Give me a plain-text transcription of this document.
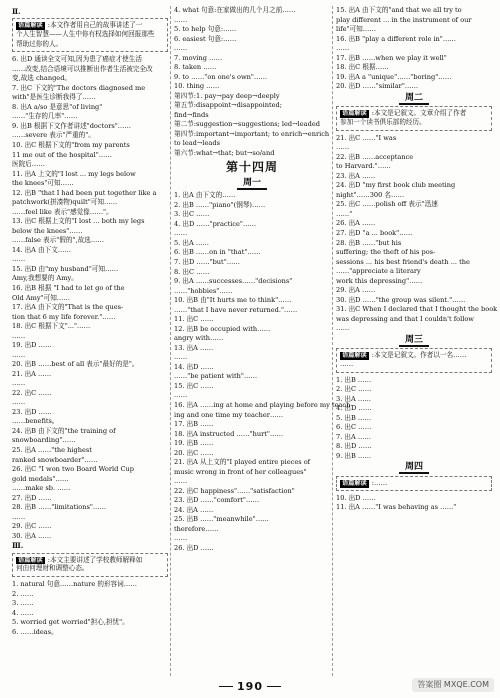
Ⅱ.
语篇解读 :本文作者用自己的故事讲述了一
个人生智慧——人生中你有权选择如何回报那些
帮助过你的人。
6. 出D 通读全文可知,因为患了癌症才使生活
……改变,结合语境可以推断出作者生活被完全改
变,故选 changed。
7. 出C 下文的"The doctors diagnosed me
with"是医生诊断我得了……
8. 出A a/so 是意思"of living"
……"生存的几率"……
9. 出B 根据下文作者讲述"doctors"……
……severe 表示"严重的"。
10. 出C 根据下文的"from my parents
11 me out of the hospital"……
医院后……
11. 出A 上文的"I lost ... my legs below
the knees"可知……
12. 出B "that I had been put together like a
patchwork(拼凑物)quilt"可知……
……feel like 表示"感觉像……"。
13. 出C 根据上文的"I lost ... both my legs
below the knees"……
……false 表示"假的",故选……
14. 出A 由下文……
……
15. 出D 由"my husband"可知……
Amy,我想要的 Amy。
16. 出B 根据 "I had to let go of the
Old Amy"可知……
17. 出A 由下文的"That is the ques-
tion that 6 my life forever."……
18. 出C 根据下文"..."……
……
19. 出D ……
……
20. 出B ……best of all 表示"最好的是"。
21. 出A ……
……
22. 出C ……
……
23. 出D ……
……benefits。
24. 出B 由下文的"the training of
snowboarding"……
25. 出A ……"the highest
ranked snowboarder"……
26. 出C "I won two Board World Cup
gold medals"……
……make sb. ……
27. 出D ……
28. 出B ……"limitations"……
……
29. 出C ……
30. 出A ……
Ⅲ.
语篇解读 :本文主要讲述了学校教师解释如
何由何理财和调整心态。
1. natural 句意……nature 的形容词……
2. ……
3. ……
4. ……
5. worried get worried"担心,担忧"。
6. ……ideas。
4. what 句意:在家做出的几个月之前……
……
5. to help 句意:……
6. easiest 句意:……
……
7. moving ……
8. taken ……
9. to ……"on one's own"……
10. thing ……
第四节:1. pay→pay deep→deeply
第五节:disappoint→disappointed;
find→finds
第二节:suggestion→suggestions; led→leaded
第四节:important→important; to enrich→enrich
to lead→leads
第六节:what→that; but→so/and
第十四周
周一
1. 出A 由下文的……
2. 出B ……"piano"(钢琴)……
3. 出C ……
4. 出D ……"practice"……
……
5. 出A ……
6. 出B ……on in "that"……
7. 出D ……"but"……
8. 出C ……
9. 出A ……successes……"decisions"
……"hobbies"……
10. 出B 由"It hurts me to think"……
……"that I have never returned."……
11. 出C ……
12. 出B be occupied with……
angry with……
13. 出A ……
……
14. 出D ……
……"be patient with"……
15. 出C ……
……
16. 出A ……ing at home and playing before my teach-
ing and one time my teacher……
17. 出B ……
18. 出A instructed ……"hurt"……
19. 出B ……
20. 出C ……
21. 出A 从上文的"I played entire pieces of
music wrong in front of her colleagues"
……
22. 出C happiness"……"satisfaction"
23. 出D ……"comfort"……
24. 出A ……
25. 出B ……"meanwhile"……
therefore……
……
26. 出D ……
15. 出A 由下文的"and that we all try to
play different ... in the instrument of our
life"可知……
16. 出B "play a different role in"……
……
17. 出B ……when we play it well"
18. 出C 根据……
19. 出A a "unique"……"boring"……
20. 出D ……"similar"……
周二
语篇解读 :本文是记叙文。文章介绍了作者
参加一个读书俱乐部的经历。
21. 出C ……"I was
……
22. 出B ……acceptance
to Harvard."……
23. 出A ……
24. 出D "my first book club meeting
night"……300 名……
25. 出C ……polish off 表示"迅速
……"
26. 出A ……
27. 出D "a ... book"……
28. 出B ……"but his
suffering; the theft of his pos-
sessions ... his best friend's death ... the
……"appreciate a literary
work this depressing"……
29. 出A ……
30. 出D ……"the group was silent."……
31. 出C When I declared that I thought the book
was depressing and that I couldn't follow
……
周三
语篇解读 :本文是记叙文。作者以一名……
……
1. 出B ……
2. 出C ……
3. 出A ……
4. 出D ……
5. 出B ……
6. 出C ……
7. 出A ……
8. 出D ……
9. 出B ……
周四
语篇解读 :……
10. 出D ……
11. 出A ……"I was behaving as ……"
190	答案圈 MXQE.COM
